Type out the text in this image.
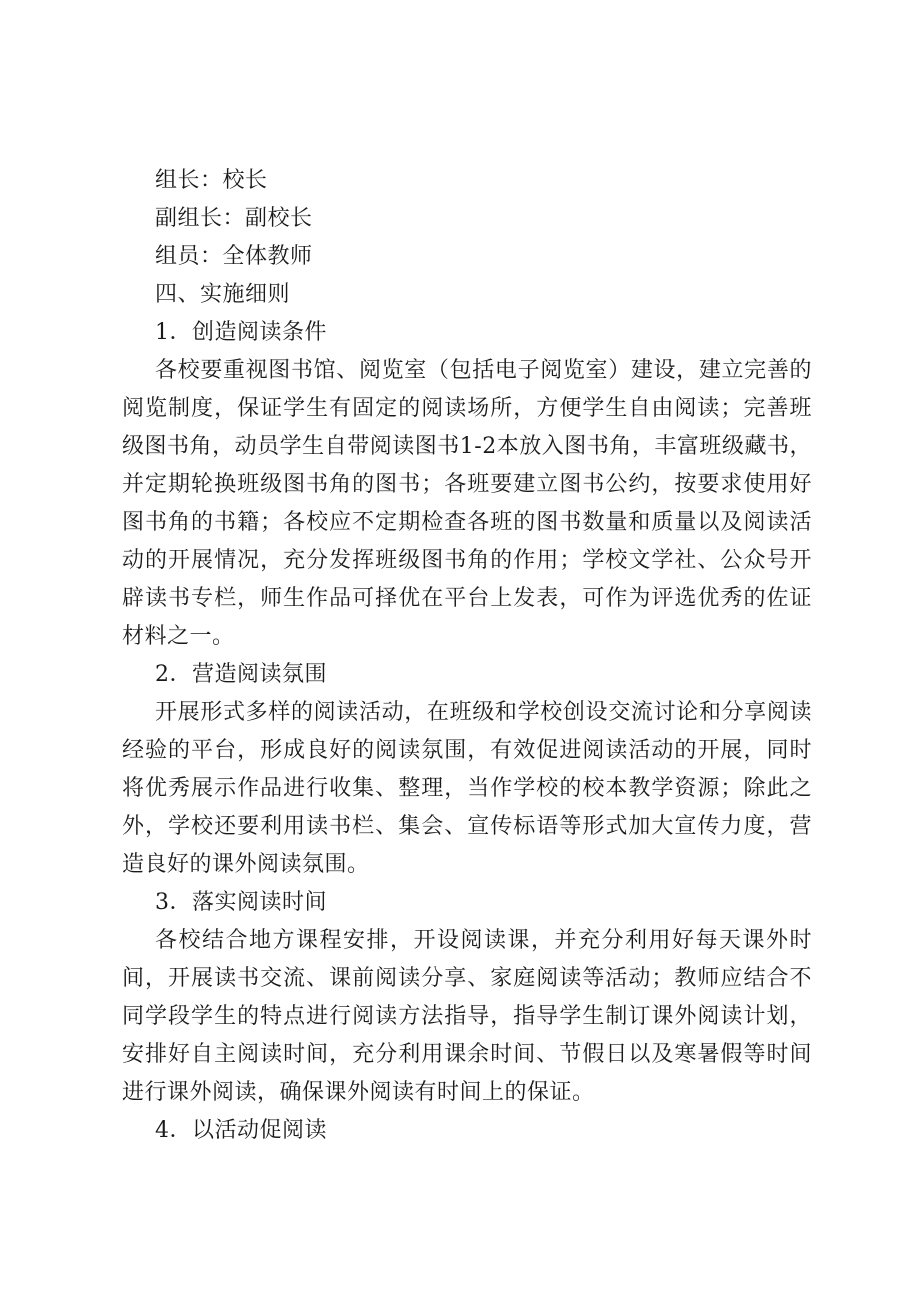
组长：校长
副组长：副校长
组员：全体教师
四、实施细则
1．创造阅读条件
各校要重视图书馆、阅览室（包括电子阅览室）建设，建立完善的阅览制度，保证学生有固定的阅读场所，方便学生自由阅读；完善班级图书角，动员学生自带阅读图书1-2本放入图书角，丰富班级藏书，并定期轮换班级图书角的图书；各班要建立图书公约，按要求使用好图书角的书籍；各校应不定期检查各班的图书数量和质量以及阅读活动的开展情况，充分发挥班级图书角的作用；学校文学社、公众号开辟读书专栏，师生作品可择优在平台上发表，可作为评选优秀的佐证材料之一。
2．营造阅读氛围
开展形式多样的阅读活动，在班级和学校创设交流讨论和分享阅读经验的平台，形成良好的阅读氛围，有效促进阅读活动的开展，同时将优秀展示作品进行收集、整理，当作学校的校本教学资源；除此之外，学校还要利用读书栏、集会、宣传标语等形式加大宣传力度，营造良好的课外阅读氛围。
3．落实阅读时间
各校结合地方课程安排，开设阅读课，并充分利用好每天课外时间，开展读书交流、课前阅读分享、家庭阅读等活动；教师应结合不同学段学生的特点进行阅读方法指导，指导学生制订课外阅读计划，安排好自主阅读时间，充分利用课余时间、节假日以及寒暑假等时间进行课外阅读，确保课外阅读有时间上的保证。
4．以活动促阅读
